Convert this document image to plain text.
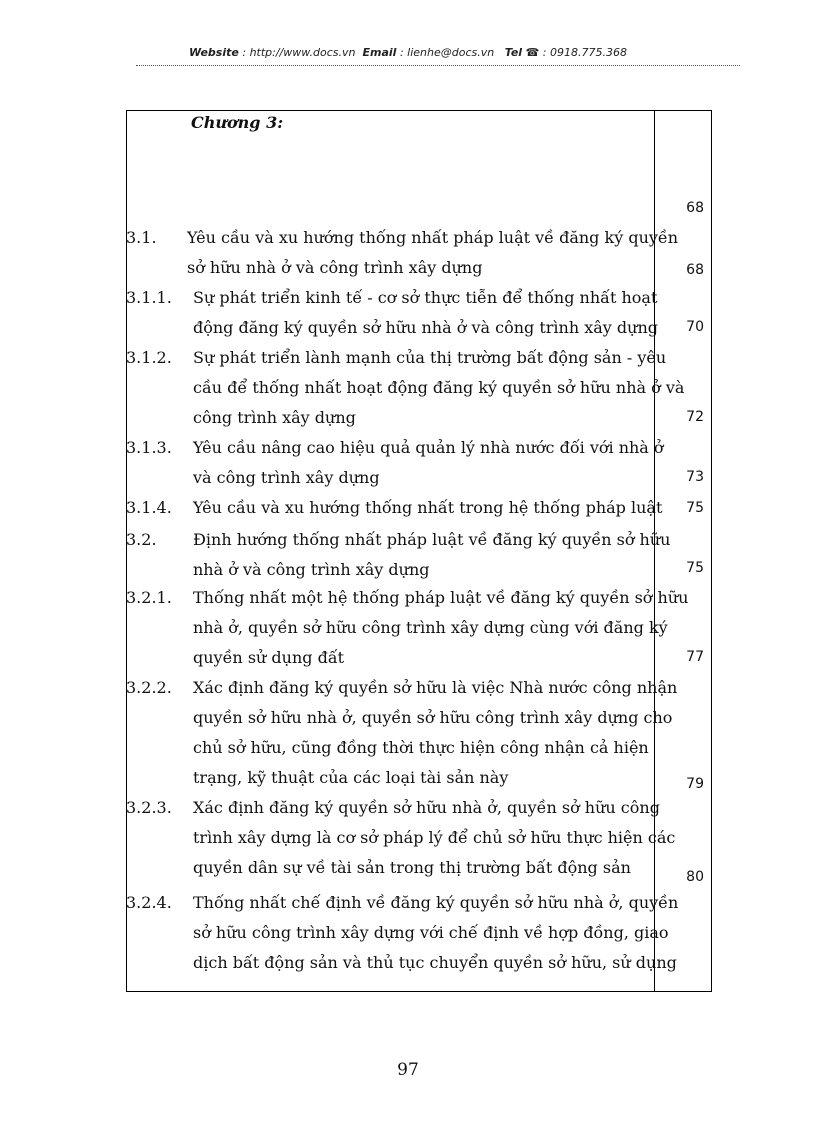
Website : http://www.docs.vn Email : lienhe@docs.vn Tel ☎ : 0918.775.368
Chương 3:
68
3.1.	Yêu cầu và xu hướng thống nhất pháp luật về đăng ký quyền
sở hữu nhà ở và công trình xây dựng	68
3.1.1.	Sự phát triển kinh tế - cơ sở thực tiễn để thống nhất hoạt
động đăng ký quyền sở hữu nhà ở và công trình xây dựng	70
3.1.2.	Sự phát triển lành mạnh của thị trường bất động sản - yêu
cầu để thống nhất hoạt động đăng ký quyền sở hữu nhà ở và
công trình xây dựng	72
3.1.3.	Yêu cầu nâng cao hiệu quả quản lý nhà nước đối với nhà ở
và công trình xây dựng	73
3.1.4.	Yêu cầu và xu hướng thống nhất trong hệ thống pháp luật	75
3.2.	Định hướng thống nhất pháp luật về đăng ký quyền sở hữu
nhà ở và công trình xây dựng	75
3.2.1.	Thống nhất một hệ thống pháp luật về đăng ký quyền sở hữu
nhà ở, quyền sở hữu công trình xây dựng cùng với đăng ký
quyền sử dụng đất	77
3.2.2.	Xác định đăng ký quyền sở hữu là việc Nhà nước công nhận
quyền sở hữu nhà ở, quyền sở hữu công trình xây dựng cho
chủ sở hữu, cũng đồng thời thực hiện công nhận cả hiện
trạng, kỹ thuật của các loại tài sản này	79
3.2.3.	Xác định đăng ký quyền sở hữu nhà ở, quyền sở hữu công
trình xây dựng là cơ sở pháp lý để chủ sở hữu thực hiện các
quyền dân sự về tài sản trong thị trường bất động sản	80
3.2.4.	Thống nhất chế định về đăng ký quyền sở hữu nhà ở, quyền
sở hữu công trình xây dựng với chế định về hợp đồng, giao
dịch bất động sản và thủ tục chuyển quyền sở hữu, sử dụng
97
